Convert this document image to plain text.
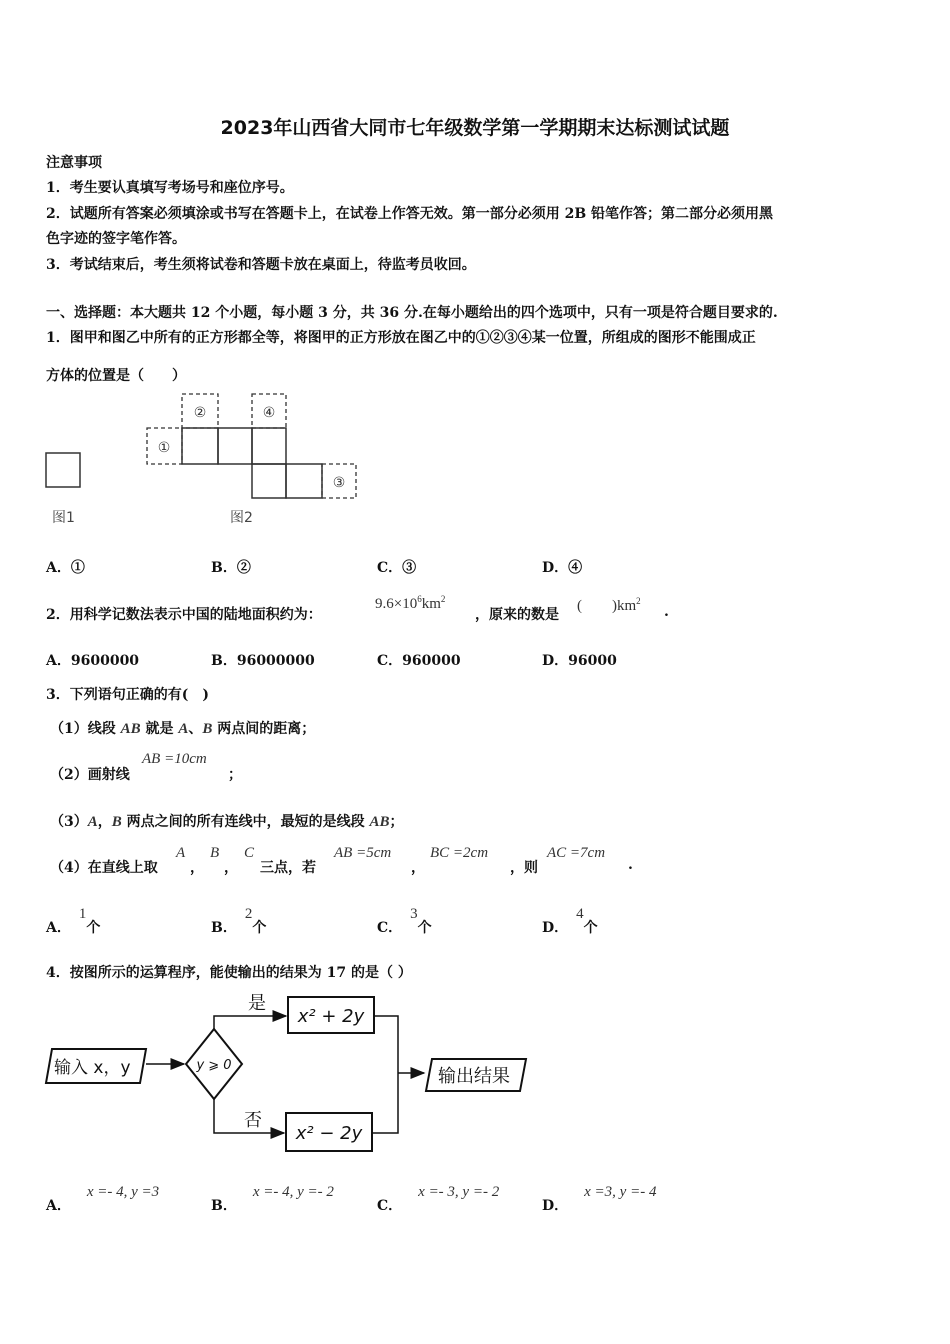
2023年山西省大同市七年级数学第一学期期末达标测试试题
注意事项
1．考生要认真填写考场号和座位序号。
2．试题所有答案必须填涂或书写在答题卡上，在试卷上作答无效。第一部分必须用 2B 铅笔作答；第二部分必须用黑
色字迹的签字笔作答。
3．考试结束后，考生须将试卷和答题卡放在桌面上，待监考员收回。
一、选择题：本大题共 12 个小题，每小题 3 分，共 36 分.在每小题给出的四个选项中，只有一项是符合题目要求的.
1．图甲和图乙中所有的正方形都全等，将图甲的正方形放在图乙中的①②③④某一位置，所组成的图形不能围成正
方体的位置是（　　）
图1
①
②	④
③
图2
A．①	B．②	C．③	D．④
2．用科学记数法表示中国的陆地面积约为：
$9.6\times 10^6km^2$
，原来的数是
(　　)$km^2$
.
A．9600000	B．96000000	C．960000	D．96000
3．下列语句正确的有(　)
（1）线段 AB 就是 A、B 两点间的距离；
（2）画射线
AB =10cm
；
（3）A，B 两点之间的所有连线中，最短的是线段 AB；
（4）在直线上取
A
，
B
，
C
三点，若
AB =5cm
，
BC =2cm
，则
AC =7cm
.
A．1个	B．2个	C．3个	D．4个
4．按图所示的运算程序，能使输出的结果为 17 的是（ ）
输入 x，y	y ⩾ 0
是
否
x² + 2y
x² − 2y
输出结果
A．x =- 4, y =3
B．x =- 4, y =- 2
C．x =- 3, y =- 2
D．x =3, y =- 4
